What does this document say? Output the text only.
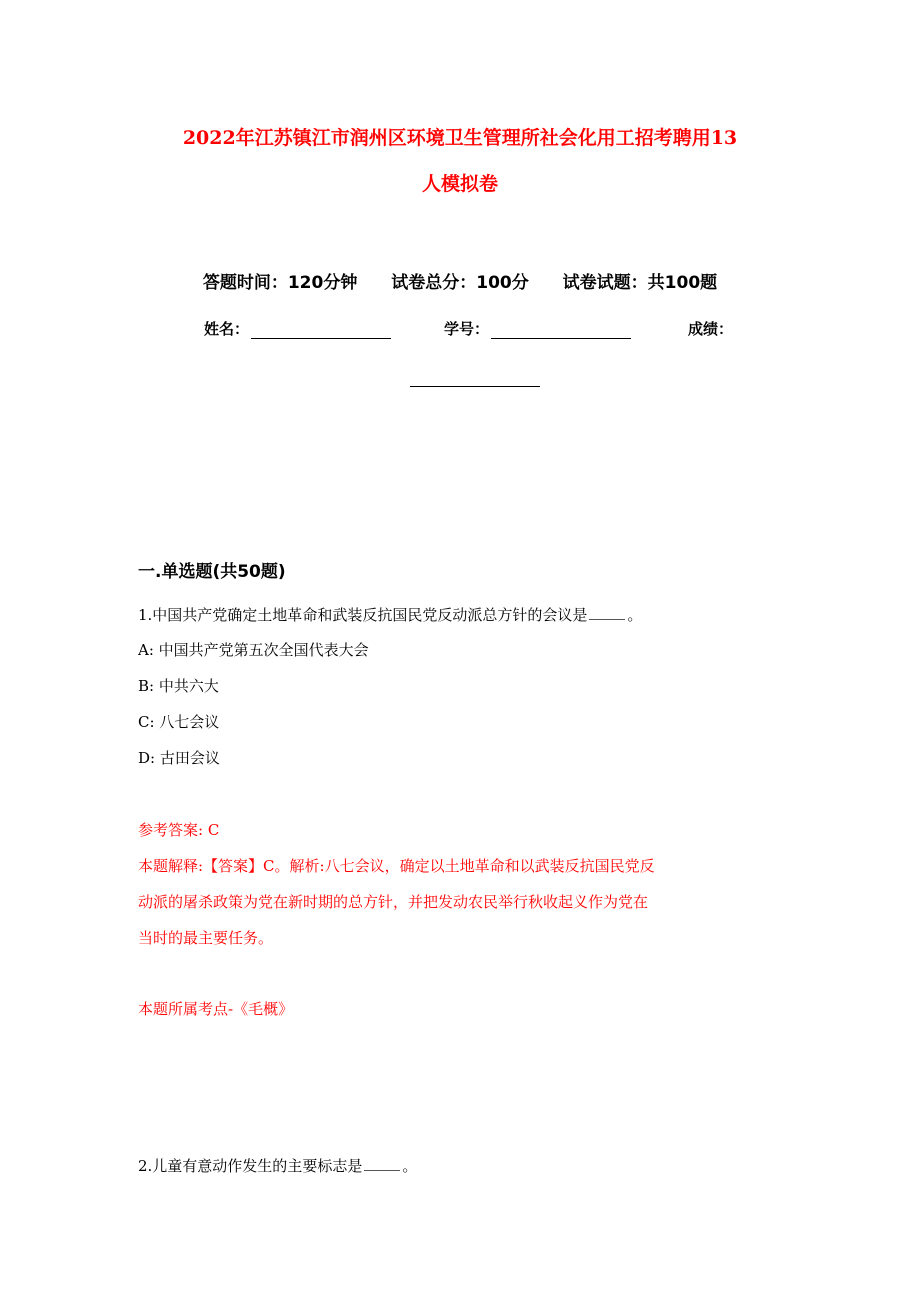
2022年江苏镇江市润州区环境卫生管理所社会化用工招考聘用13
人模拟卷
答题时间：120分钟 试卷总分：100分 试卷试题：共100题
姓名：	学号：	成绩：
一.单选题(共50题)
1.中国共产党确定土地革命和武装反抗国民党反动派总方针的会议是	。
A: 中国共产党第五次全国代表大会
B: 中共六大
C: 八七会议
D: 古田会议
参考答案: C
本题解释:【答案】C。解析:八七会议，确定以土地革命和以武装反抗国民党反
动派的屠杀政策为党在新时期的总方针，并把发动农民举行秋收起义作为党在
当时的最主要任务。
本题所属考点-《毛概》
2.儿童有意动作发生的主要标志是	。
